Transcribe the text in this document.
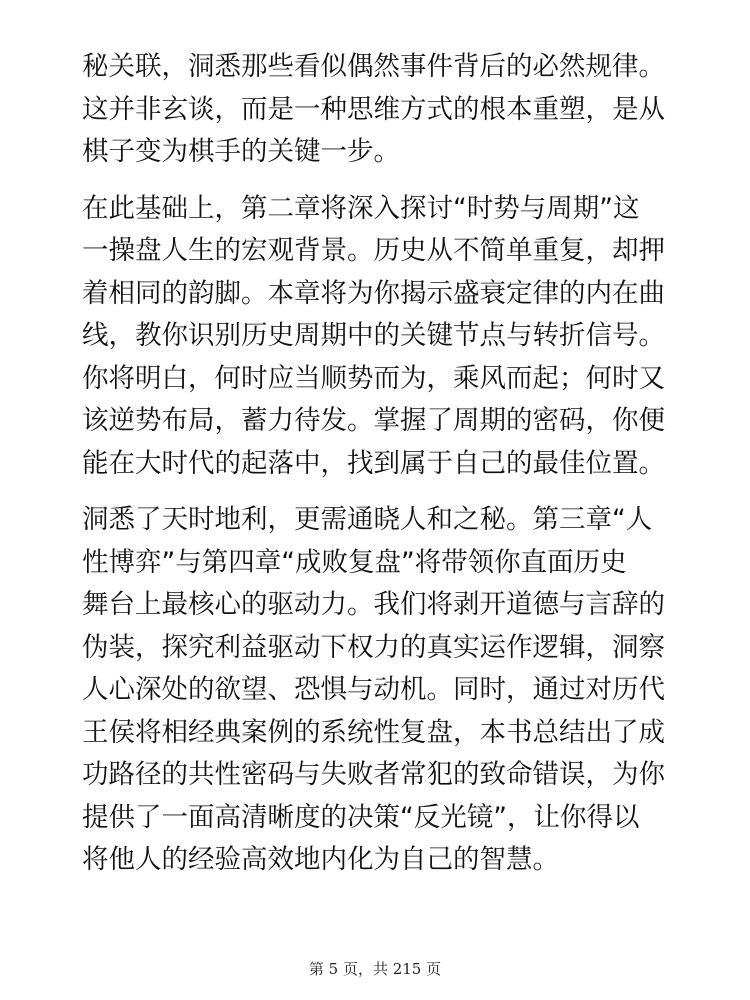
秘关联，洞悉那些看似偶然事件背后的必然规律。
这并非玄谈，而是一种思维方式的根本重塑，是从
棋子变为棋手的关键一步。
在此基础上，第二章将深入探讨“时势与周期”这
一操盘人生的宏观背景。历史从不简单重复，却押
着相同的韵脚。本章将为你揭示盛衰定律的内在曲
线，教你识别历史周期中的关键节点与转折信号。
你将明白，何时应当顺势而为，乘风而起；何时又
该逆势布局，蓄力待发。掌握了周期的密码，你便
能在大时代的起落中，找到属于自己的最佳位置。
洞悉了天时地利，更需通晓人和之秘。第三章“人
性博弈”与第四章“成败复盘”将带领你直面历史
舞台上最核心的驱动力。我们将剥开道德与言辞的
伪装，探究利益驱动下权力的真实运作逻辑，洞察
人心深处的欲望、恐惧与动机。同时，通过对历代
王侯将相经典案例的系统性复盘，本书总结出了成
功路径的共性密码与失败者常犯的致命错误，为你
提供了一面高清晰度的决策“反光镜”，让你得以
将他人的经验高效地内化为自己的智慧。
第 5 页，共 215 页
